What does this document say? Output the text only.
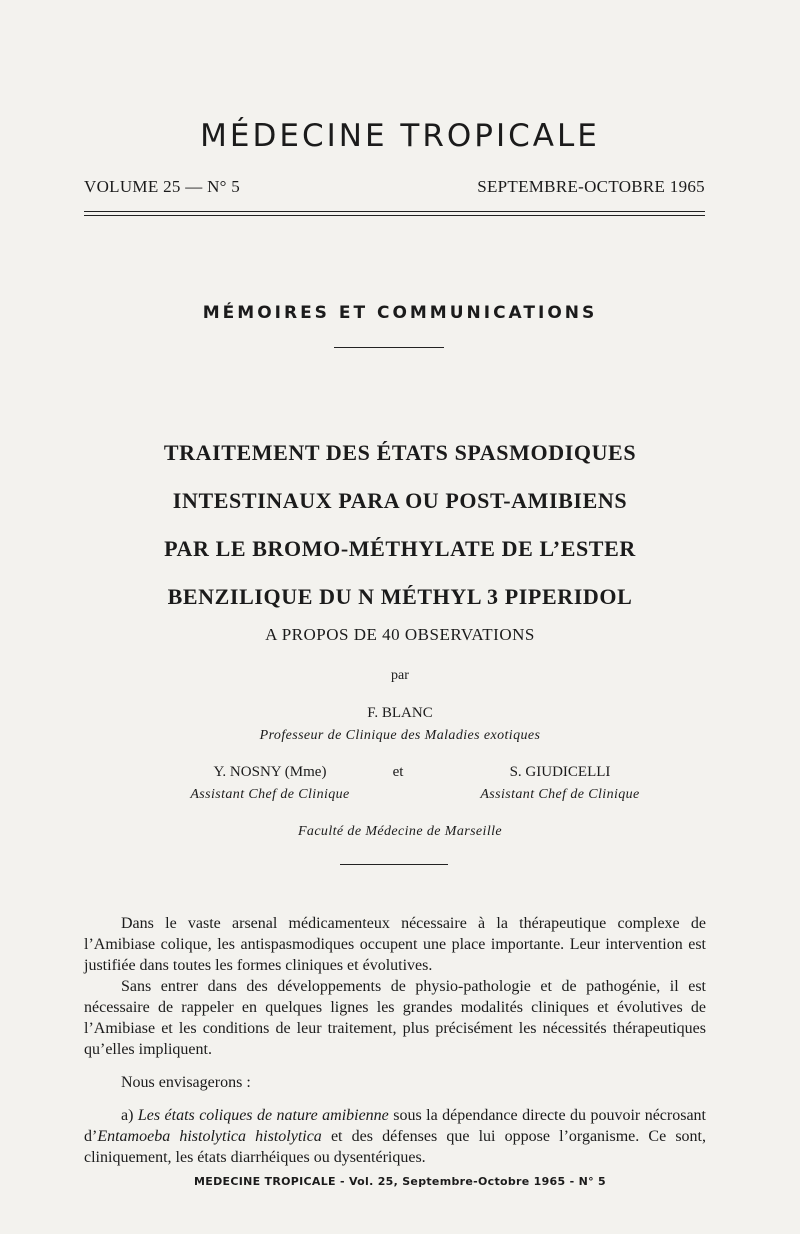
MÉDECINE TROPICALE
VOLUME 25 — N° 5	SEPTEMBRE-OCTOBRE 1965
MÉMOIRES ET COMMUNICATIONS
TRAITEMENT DES ÉTATS SPASMODIQUES
INTESTINAUX PARA OU POST-AMIBIENS
PAR LE BROMO-MÉTHYLATE DE L’ESTER
BENZILIQUE DU N MÉTHYL 3 PIPERIDOL
A PROPOS DE 40 OBSERVATIONS
par
F. BLANC
Professeur de Clinique des Maladies exotiques
Y. NOSNY (Mme)
Assistant Chef de Clinique
et	S. GIUDICELLI
Assistant Chef de Clinique
Faculté de Médecine de Marseille

Dans le vaste arsenal médicamenteux nécessaire à la thérapeutique complexe de l’Amibiase colique, les antispasmodiques occupent une place importante. Leur intervention est justifiée dans toutes les formes cliniques et évolutives.

Sans entrer dans des développements de physio-pathologie et de pathogénie, il est nécessaire de rappeler en quelques lignes les grandes modalités cliniques et évolutives de l’Amibiase et les conditions de leur traitement, plus précisément les nécessités thérapeutiques qu’elles impliquent.

Nous envisagerons :

a) Les états coliques de nature amibienne sous la dépendance directe du pouvoir nécrosant d’Entamoeba histolytica histolytica et des défenses que lui oppose l’organisme. Ce sont, cliniquement, les états diarrhéiques ou dysentériques.

MEDECINE TROPICALE - Vol. 25, Septembre-Octobre 1965 - N° 5
